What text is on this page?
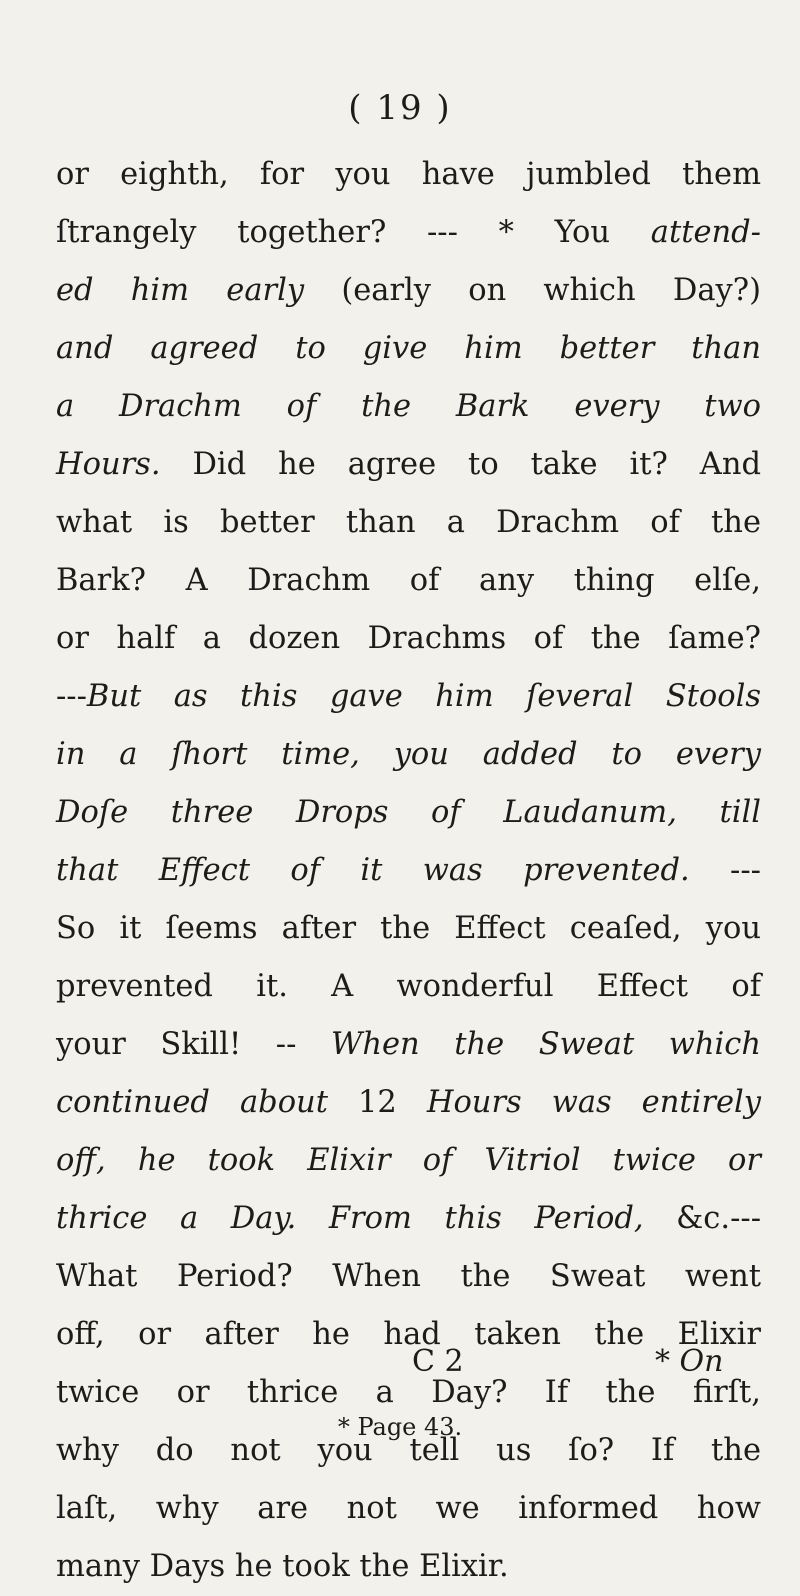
( 19 )
or eighth, for you have jumbled them
ſtrangely together? --- * You attend-
ed him early (early on which Day?)
and agreed to give him better than
a Drachm of the Bark every two
Hours. Did he agree to take it? And
what is better than a Drachm of the
Bark? A Drachm of any thing elſe,
or half a dozen Drachms of the ſame?
---But as this gave him ſeveral Stools
in a ſhort time, you added to every
Doſe three Drops of Laudanum, till
that Effect of it was prevented. ---
So it ſeems after the Effect ceaſed, you
prevented it. A wonderful Effect of
your Skill! -- When the Sweat which
continued about 12 Hours was entirely
off, he took Elixir of Vitriol twice or
thrice a Day. From this Period, &c.---
What Period? When the Sweat went
off, or after he had taken the Elixir
twice or thrice a Day? If the firſt,
why do not you tell us ſo? If the
laſt, why are not we informed how
many Days he took the Elixir.
C 2	* On
* Page 43.
